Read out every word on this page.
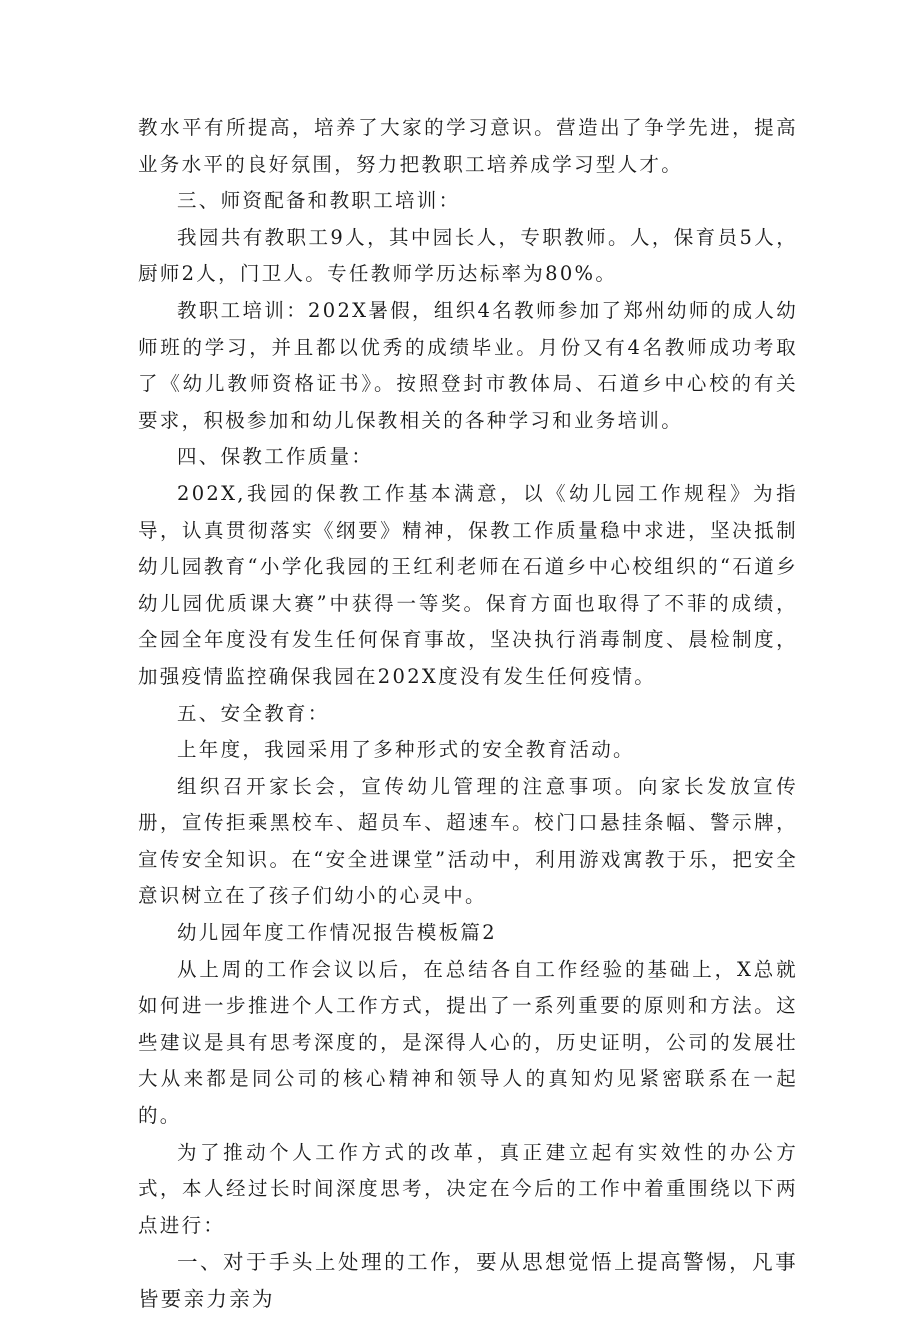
教水平有所提高，培养了大家的学习意识。营造出了争学先进，提高业务水平的良好氛围，努力把教职工培养成学习型人才。

三、师资配备和教职工培训：

我园共有教职工9人，其中园长人，专职教师。人，保育员5人，厨师2人，门卫人。专任教师学历达标率为80%。

教职工培训：202X暑假，组织4名教师参加了郑州幼师的成人幼师班的学习，并且都以优秀的成绩毕业。月份又有4名教师成功考取了《幼儿教师资格证书》。按照登封市教体局、石道乡中心校的有关要求，积极参加和幼儿保教相关的各种学习和业务培训。

四、保教工作质量：

202X,我园的保教工作基本满意，以《幼儿园工作规程》为指导，认真贯彻落实《纲要》精神，保教工作质量稳中求进，坚决抵制幼儿园教育“小学化我园的王红利老师在石道乡中心校组织的“石道乡幼儿园优质课大赛”中获得一等奖。保育方面也取得了不菲的成绩，全园全年度没有发生任何保育事故，坚决执行消毒制度、晨检制度，加强疫情监控确保我园在202X度没有发生任何疫情。

五、安全教育：

上年度，我园采用了多种形式的安全教育活动。

组织召开家长会，宣传幼儿管理的注意事项。向家长发放宣传册，宣传拒乘黑校车、超员车、超速车。校门口悬挂条幅、警示牌，宣传安全知识。在“安全进课堂”活动中，利用游戏寓教于乐，把安全意识树立在了孩子们幼小的心灵中。

幼儿园年度工作情况报告模板篇2

从上周的工作会议以后，在总结各自工作经验的基础上，X总就如何进一步推进个人工作方式，提出了一系列重要的原则和方法。这些建议是具有思考深度的，是深得人心的，历史证明，公司的发展壮大从来都是同公司的核心精神和领导人的真知灼见紧密联系在一起的。

为了推动个人工作方式的改革，真正建立起有实效性的办公方式，本人经过长时间深度思考，决定在今后的工作中着重围绕以下两点进行：

一、对于手头上处理的工作，要从思想觉悟上提高警惕，凡事皆要亲力亲为
